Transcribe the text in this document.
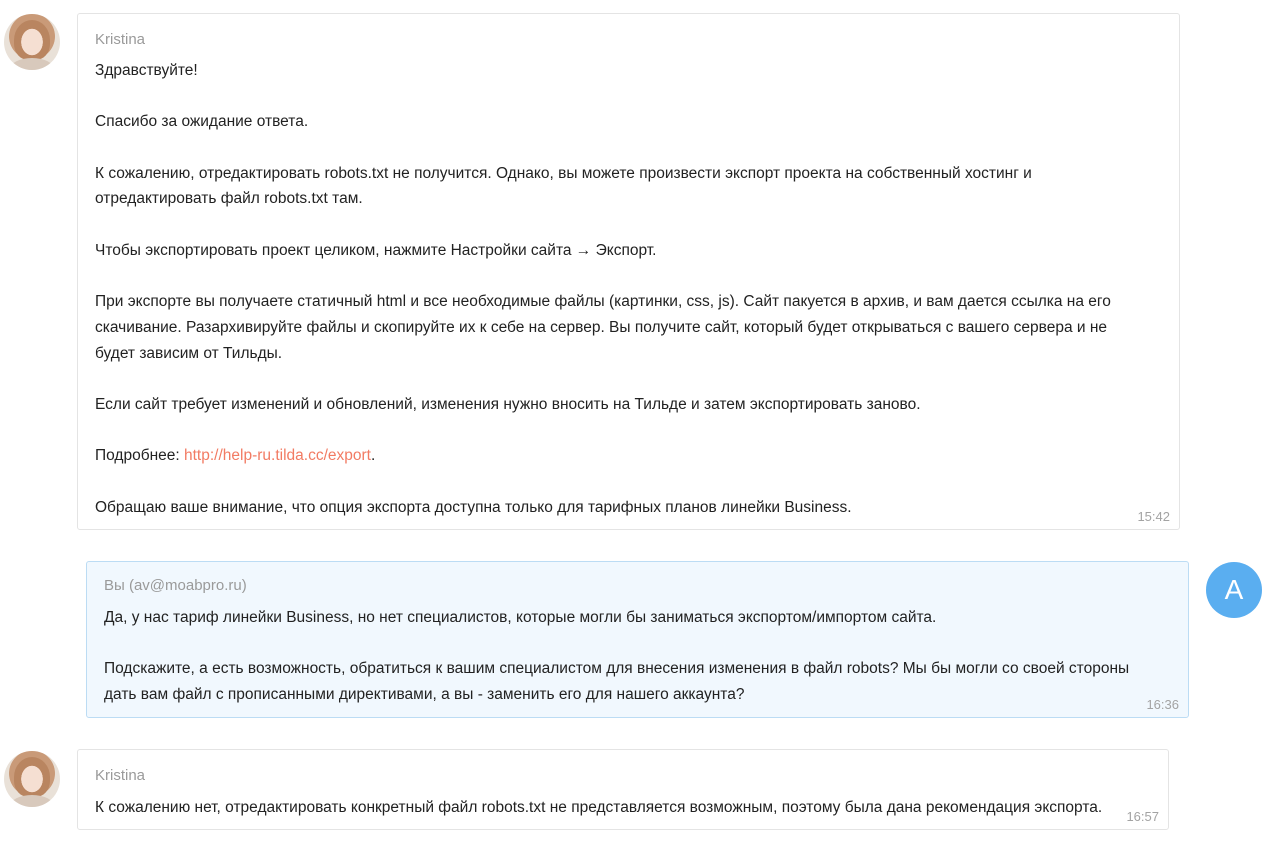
Kristina

Здравствуйте!

Спасибо за ожидание ответа.

К сожалению, отредактировать robots.txt не получится. Однако, вы можете произвести экспорт проекта на собственный хостинг и
отредактировать файл robots.txt там.

Чтобы экспортировать проект целиком, нажмите Настройки сайта → Экспорт.

При экспорте вы получаете статичный html и все необходимые файлы (картинки, css, js). Сайт пакуется в архив, и вам дается ссылка на его
скачивание. Разархивируйте файлы и скопируйте их к себе на сервер. Вы получите сайт, который будет открываться с вашего сервера и не
будет зависим от Тильды.

Если сайт требует изменений и обновлений, изменения нужно вносить на Тильде и затем экспортировать заново.

Подробнее: http://help-ru.tilda.cc/export.

Обращаю ваше внимание, что опция экспорта доступна только для тарифных планов линейки Business.

15:42
Вы (av@moabpro.ru)

Да, у нас тариф линейки Business, но нет специалистов, которые могли бы заниматься экспортом/импортом сайта.

Подскажите, а есть возможность, обратиться к вашим специалистом для внесения изменения в файл robots? Мы бы могли со своей стороны
дать вам файл с прописанными директивами, а вы - заменить его для нашего аккаунта?

16:36
A
Kristina

К сожалению нет, отредактировать конкретный файл robots.txt не представляется возможным, поэтому была дана рекомендация экспорта.

16:57
